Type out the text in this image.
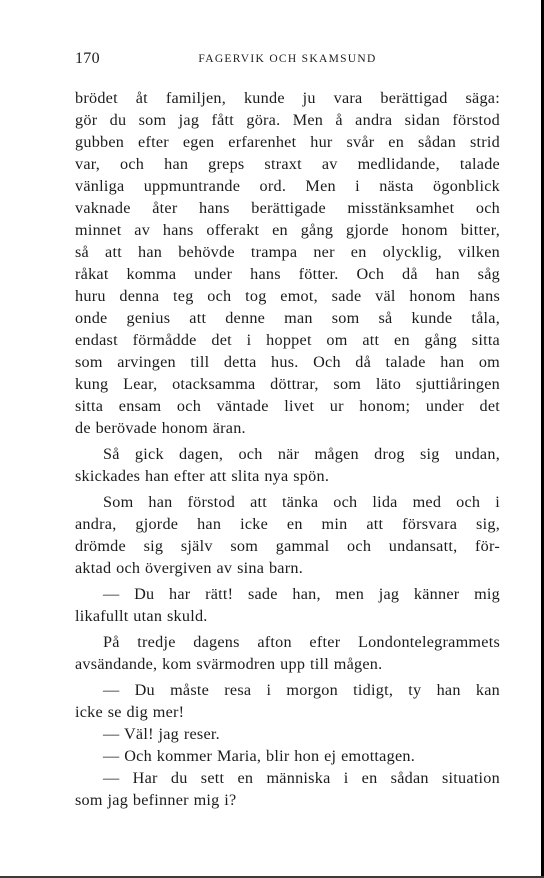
170	FAGERVIK OCH SKAMSUND
brödet åt familjen, kunde ju vara berättigad säga:
gör du som jag fått göra. Men å andra sidan förstod
gubben efter egen erfarenhet hur svår en sådan strid
var, och han greps straxt av medlidande, talade
vänliga uppmuntrande ord. Men i nästa ögonblick
vaknade åter hans berättigade misstänksamhet och
minnet av hans offerakt en gång gjorde honom bitter,
så att han behövde trampa ner en olycklig, vilken
råkat komma under hans fötter. Och då han såg
huru denna teg och tog emot, sade väl honom hans
onde genius att denne man som så kunde tåla,
endast förmådde det i hoppet om att en gång sitta
som arvingen till detta hus. Och då talade han om
kung Lear, otacksamma döttrar, som läto sjuttiåringen
sitta ensam och väntade livet ur honom; under det
de berövade honom äran.
Så gick dagen, och när mågen drog sig undan,
skickades han efter att slita nya spön.
Som han förstod att tänka och lida med och i
andra, gjorde han icke en min att försvara sig,
drömde sig själv som gammal och undansatt, för-
aktad och övergiven av sina barn.
— Du har rätt! sade han, men jag känner mig
likafullt utan skuld.
På tredje dagens afton efter Londontelegrammets
avsändande, kom svärmodren upp till mågen.
— Du måste resa i morgon tidigt, ty han kan
icke se dig mer!
— Väl! jag reser.
— Och kommer Maria, blir hon ej emottagen.
— Har du sett en människa i en sådan situation
som jag befinner mig i?
